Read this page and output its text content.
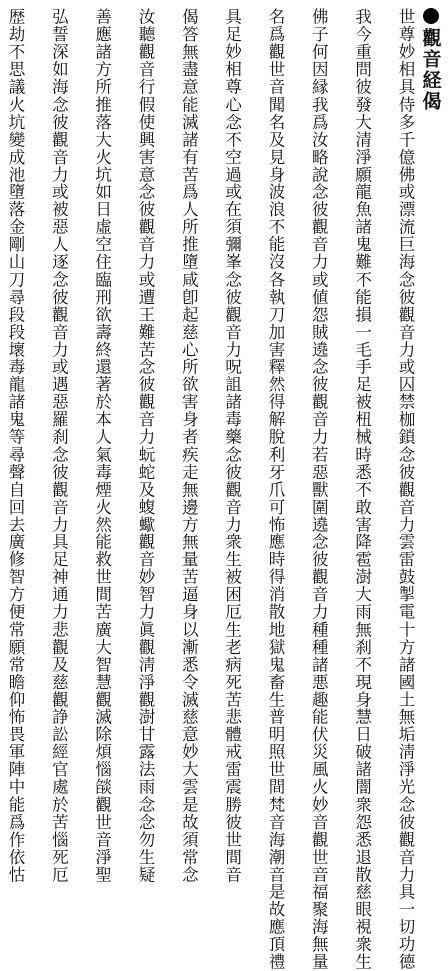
觀音経偈
世尊妙相具
我今重問彼
佛子何因縁
名爲觀世音
具足妙相尊
偈答無盡意
汝聽觀音行
善應諸方所
弘誓深如海
歴劫不思議
侍多千億佛
發大清淨願
我爲汝略說
聞名及見身
心念不空過
能滅諸有苦
假使興害意
推落大火坑
念彼觀音力
火坑變成池
或漂流巨海
龍魚諸鬼難
念彼觀音力
波浪不能沒
或在須彌峯
爲人所推墮
念彼觀音力
如日虛空住
或被惡人逐
墮落金剛山
念彼觀音力
不能損一毛
或値怨賊遶
各執刀加害
念彼觀音力
咸卽起慈心
或遭王難苦
臨刑欲壽終
念彼觀音力
刀尋段段壞
或囚禁枷鎖
手足被杻械
念彼觀音力
釋然得解脫
呪詛諸毒藥
所欲害身者
念彼觀音力
還著於本人
或遇惡羅刹
毒龍諸鬼等
念彼觀音力
時悉不敢害
若惡獸圍遶
利牙爪可怖
念彼觀音力
疾走無邊方
蚖蛇及蝮蠍
氣毒煙火然
念彼觀音力
尋聲自回去
雲雷鼓掣電
降雹澍大雨
念彼觀音力
應時得消散
衆生被困厄
無量苦逼身
觀音妙智力
能救世間苦
具足神通力
廣修智方便
十方諸國土
無刹不現身
種種諸悪趣
地獄鬼畜生
生老病死苦
以漸悉令滅
眞觀淸淨觀
廣大智慧觀
悲觀及慈觀
常願常瞻仰
無垢淸淨光
慧日破諸闇
能伏災風火
普明照世間
悲體戒雷震
慈意妙大雲
澍甘露法雨
滅除煩惱燄
諍訟經官處
怖畏軍陣中
念彼觀音力
衆怨悉退散
妙音觀世音
梵音海潮音
勝彼世間音
是故須常念
念念勿生疑
觀世音淨聖
於苦惱死厄
能爲作依怙
具一切功德
慈眼視衆生
福聚海無量
是故應頂禮
